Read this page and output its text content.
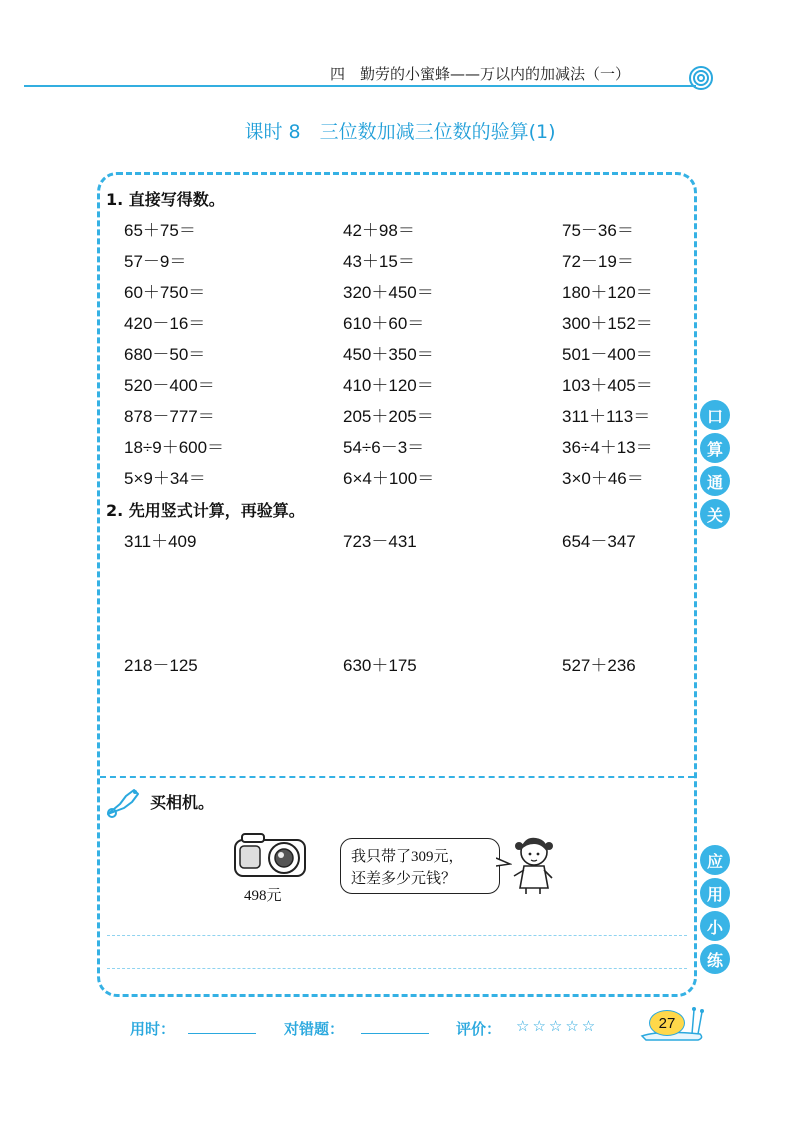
四　勤劳的小蜜蜂——万以内的加减法（一）
课时 8　三位数加减三位数的验算(1)
1. 直接写得数。
65＋75＝	42＋98＝	75－36＝
57－9＝	43＋15＝	72－19＝
60＋750＝	320＋450＝	180＋120＝
420－16＝	610＋60＝	300＋152＝
680－50＝	450＋350＝	501－400＝
520－400＝	410＋120＝	103＋405＝
878－777＝	205＋205＝	311＋113＝
18÷9＋600＝	54÷6－3＝	36÷4＋13＝
5×9＋34＝	6×4＋100＝	3×0＋46＝
2. 先用竖式计算，再验算。
311＋409	723－431	654－347
218－125	630＋175	527＋236
口
算
通
关
买相机。
498元
我只带了309元，
还差多少元钱？
应
用
小
练
用时：	对错题：	评价： ☆☆☆☆☆	27
